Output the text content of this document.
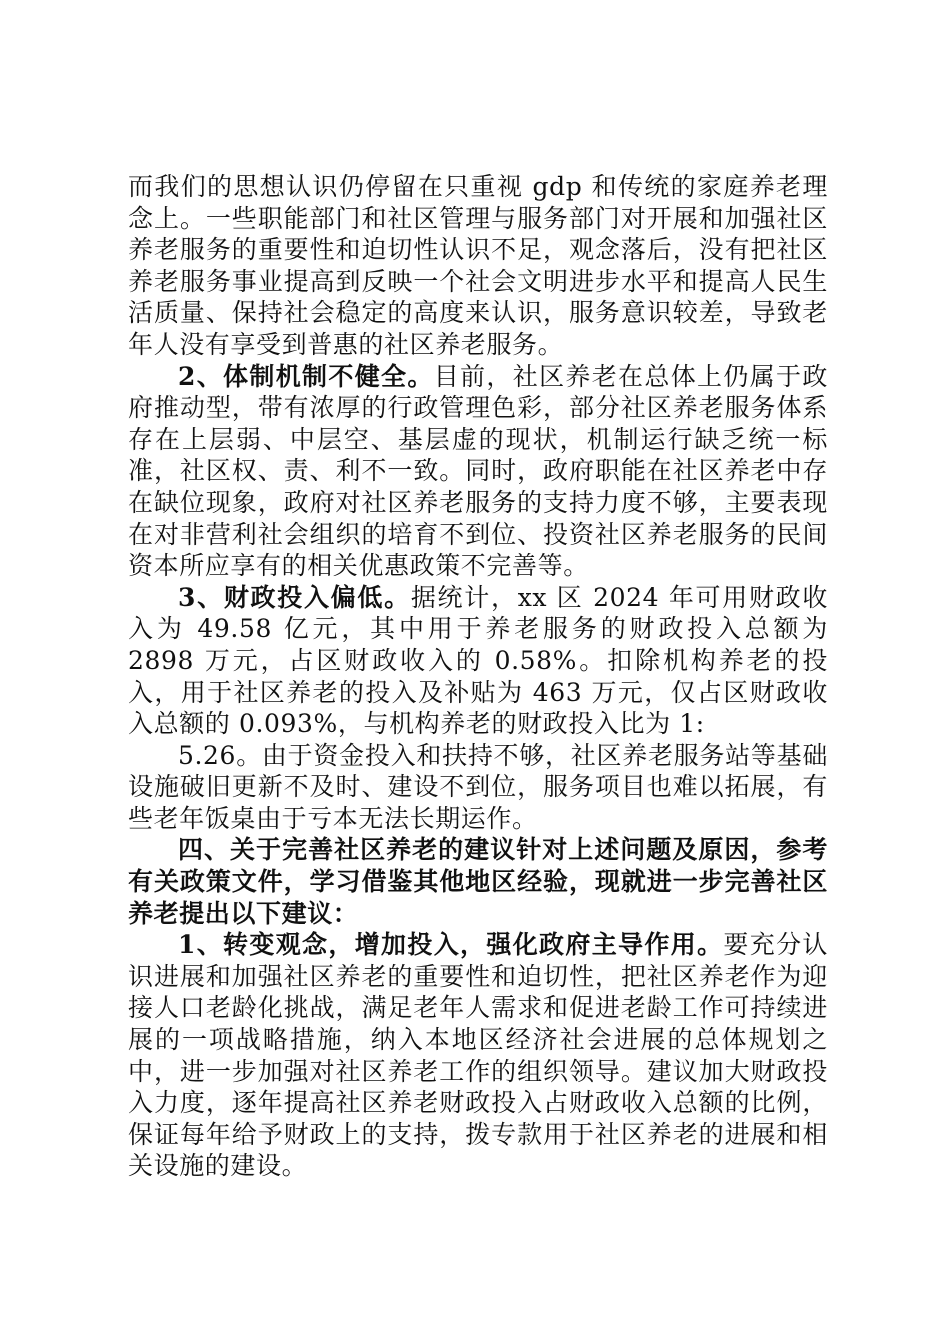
而我们的思想认识仍停留在只重视 gdp 和传统的家庭养老理念上。一些职能部门和社区管理与服务部门对开展和加强社区养老服务的重要性和迫切性认识不足，观念落后，没有把社区养老服务事业提高到反映一个社会文明进步水平和提高人民生活质量、保持社会稳定的高度来认识，服务意识较差，导致老年人没有享受到普惠的社区养老服务。

2、体制机制不健全。目前，社区养老在总体上仍属于政府推动型，带有浓厚的行政管理色彩，部分社区养老服务体系存在上层弱、中层空、基层虚的现状，机制运行缺乏统一标准，社区权、责、利不一致。同时，政府职能在社区养老中存在缺位现象，政府对社区养老服务的支持力度不够，主要表现在对非营利社会组织的培育不到位、投资社区养老服务的民间资本所应享有的相关优惠政策不完善等。

3、财政投入偏低。据统计，xx 区 2024 年可用财政收入为 49.58 亿元，其中用于养老服务的财政投入总额为 2898 万元，占区财政收入的 0.58%。扣除机构养老的投入，用于社区养老的投入及补贴为 463 万元，仅占区财政收入总额的 0.093%，与机构养老的财政投入比为 1:

5.26。由于资金投入和扶持不够，社区养老服务站等基础设施破旧更新不及时、建设不到位，服务项目也难以拓展，有些老年饭桌由于亏本无法长期运作。

四、关于完善社区养老的建议针对上述问题及原因，参考有关政策文件，学习借鉴其他地区经验，现就进一步完善社区养老提出以下建议：

1、转变观念，增加投入，强化政府主导作用。要充分认识进展和加强社区养老的重要性和迫切性，把社区养老作为迎接人口老龄化挑战，满足老年人需求和促进老龄工作可持续进展的一项战略措施，纳入本地区经济社会进展的总体规划之中，进一步加强对社区养老工作的组织领导。建议加大财政投入力度，逐年提高社区养老财政投入占财政收入总额的比例，保证每年给予财政上的支持，拨专款用于社区养老的进展和相关设施的建设。
